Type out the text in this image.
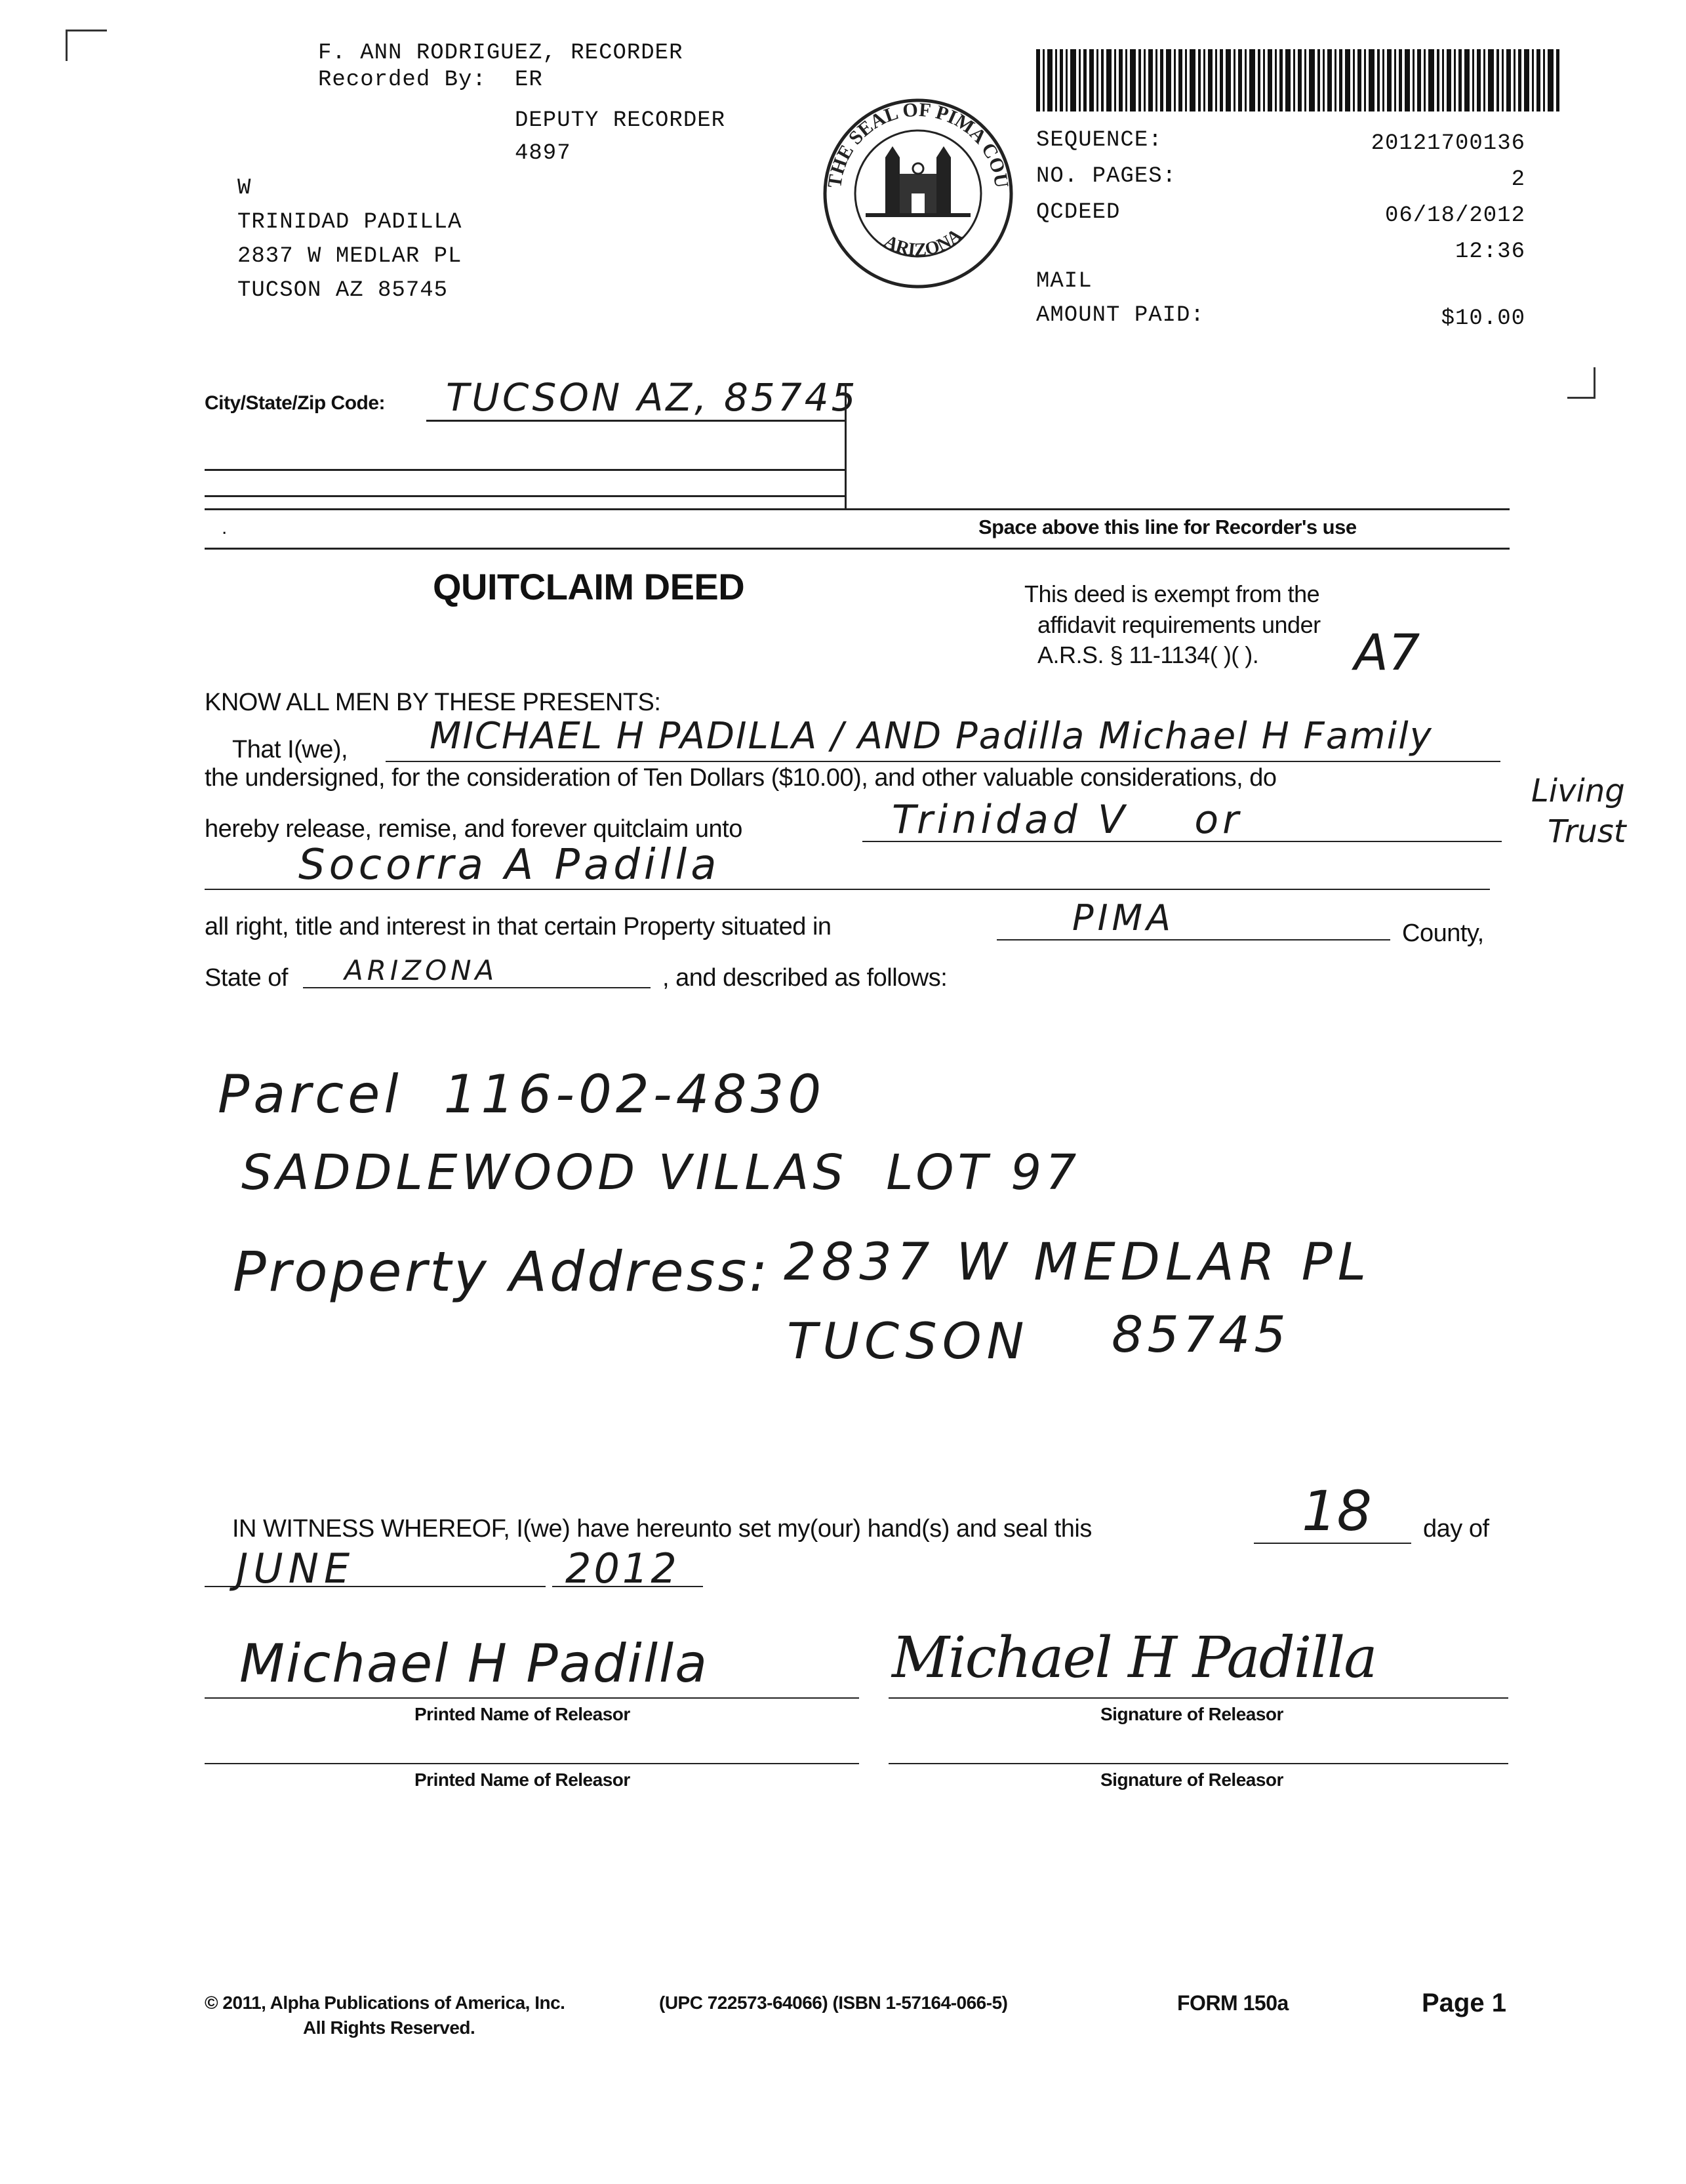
F. ANN RODRIGUEZ, RECORDER
Recorded By: ER
DEPUTY RECORDER
4897
W
TRINIDAD PADILLA
2837 W MEDLAR PL
TUCSON AZ 85745
THE SEAL OF PIMA COU
ARIZONA
SEQUENCE:	20121700136
NO. PAGES:	2
QCDEED	06/18/2012
12:36
MAIL
AMOUNT PAID:	$10.00
City/State/Zip Code: TUCSON AZ, 85745
.	Space above this line for Recorder's use
QUITCLAIM DEED	This deed is exempt from the
affidavit requirements under
A.R.S. § 11-1134( )( ). A7
KNOW ALL MEN BY THESE PRESENTS:
That I(we), MICHAEL H PADILLA / AND Padilla Michael H Family
Living
Trust
the undersigned, for the consideration of Ten Dollars ($10.00), and other valuable considerations, do
hereby release, remise, and forever quitclaim unto	Trinidad V    or
Socorra A Padilla
all right, title and interest in that certain Property situated in	PIMA	County,
State of ARIZONA	, and described as follows:
Parcel  116-02-4830
SADDLEWOOD VILLAS  LOT 97
Property Address: 2837 W MEDLAR PL
TUCSON 85745
IN WITNESS WHEREOF, I(we) have hereunto set my(our) hand(s) and seal this	18 day of
JUNE	2012
Michael H Padilla
Printed Name of Releasor
Michael H Padilla
Signature of Releasor
Printed Name of Releasor	Signature of Releasor
© 2011, Alpha Publications of America, Inc.
All Rights Reserved.
(UPC 722573-64066) (ISBN 1-57164-066-5)	FORM 150a	Page 1
